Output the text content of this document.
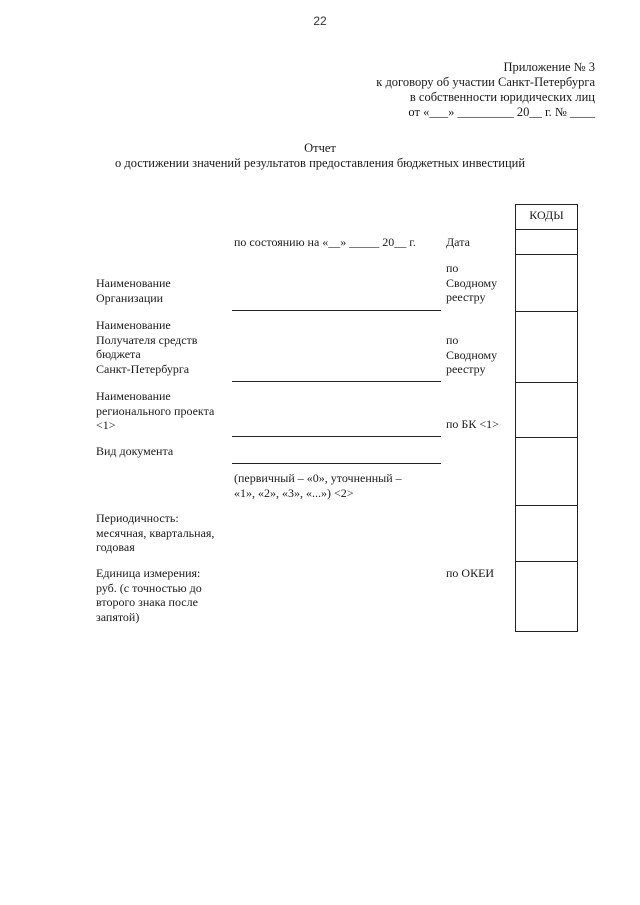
22
Приложение № 3
к договору об участии Санкт-Петербурга
в собственности юридических лиц
от «___» _________ 20__ г. № ____
Отчет
о достижении значений результатов предоставления бюджетных инвестиций
КОДЫ
по состоянию на «__» _____ 20__ г.	Дата
Наименование
Организации
по
Сводному
реестру
Наименование
Получателя средств
бюджета
Санкт-Петербурга
по
Сводному
реестру
Наименование
регионального проекта
<1>	по БК <1>
Вид документа
(первичный – «0», уточненный –
«1», «2», «3», «...») <2>
Периодичность:
месячная, квартальная,
годовая
Единица измерения:
руб. (с точностью до
второго знака после
запятой)
по ОКЕИ
